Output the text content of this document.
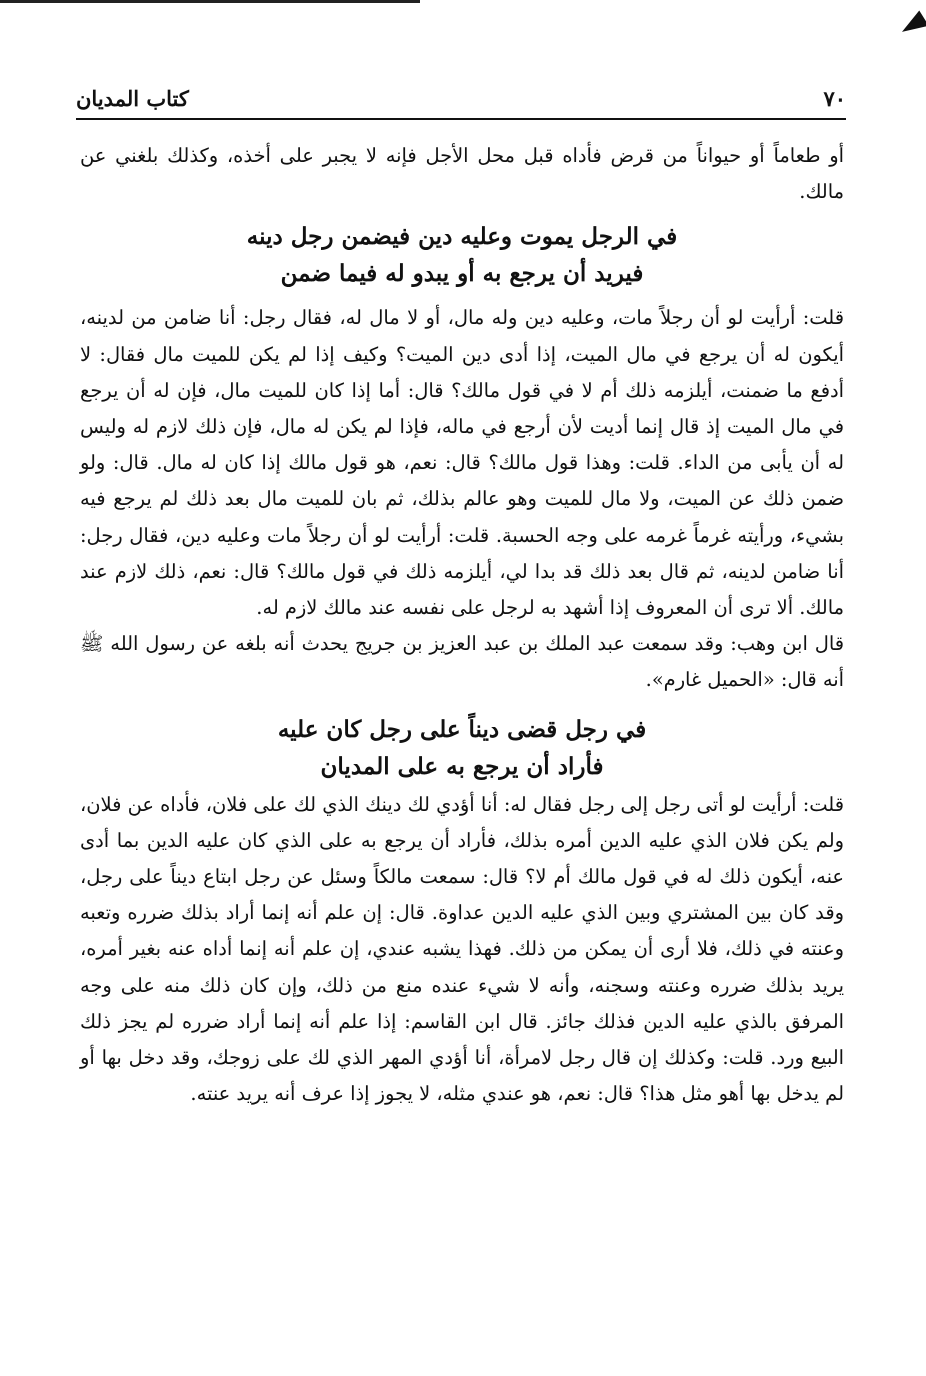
٧٠
كتاب المديان

أو طعاماً أو حيواناً من قرض فأداه قبل محل الأجل فإنه لا يجبر على أخذه، وكذلك بلغني عن مالك.

في الرجل يموت وعليه دين فيضمن رجل دينه
فيريد أن يرجع به أو يبدو له فيما ضمن

قلت: أرأيت لو أن رجلاً مات، وعليه دين وله مال، أو لا مال له، فقال رجل: أنا ضامن من لدينه، أيكون له أن يرجع في مال الميت، إذا أدى دين الميت؟ وكيف إذا لم يكن للميت مال فقال: لا أدفع ما ضمنت، أيلزمه ذلك أم لا في قول مالك؟ قال: أما إذا كان للميت مال، فإن له أن يرجع في مال الميت إذ قال إنما أديت لأن أرجع في ماله، فإذا لم يكن له مال، فإن ذلك لازم له وليس له أن يأبى من الداء. قلت: وهذا قول مالك؟ قال: نعم، هو قول مالك إذا كان له مال. قال: ولو ضمن ذلك عن الميت، ولا مال للميت وهو عالم بذلك، ثم بان للميت مال بعد ذلك لم يرجع فيه بشيء، ورأيته غرماً غرمه على وجه الحسبة. قلت: أرأيت لو أن رجلاً مات وعليه دين، فقال رجل: أنا ضامن لدينه، ثم قال بعد ذلك قد بدا لي، أيلزمه ذلك في قول مالك؟ قال: نعم، ذلك لازم عند مالك. ألا ترى أن المعروف إذا أشهد به لرجل على نفسه عند مالك لازم له.

قال ابن وهب: وقد سمعت عبد الملك بن عبد العزيز بن جريج يحدث أنه بلغه عن رسول الله ﷺ أنه قال: «الحميل غارم».

في رجل قضى ديناً على رجل كان عليه
فأراد أن يرجع به على المديان

قلت: أرأيت لو أتى رجل إلى رجل فقال له: أنا أؤدي لك دينك الذي لك على فلان، فأداه عن فلان، ولم يكن فلان الذي عليه الدين أمره بذلك، فأراد أن يرجع به على الذي كان عليه الدين بما أدى عنه، أيكون ذلك له في قول مالك أم لا؟ قال: سمعت مالكاً وسئل عن رجل ابتاع ديناً على رجل، وقد كان بين المشتري وبين الذي عليه الدين عداوة. قال: إن علم أنه إنما أراد بذلك ضرره وتعبه وعنته في ذلك، فلا أرى أن يمكن من ذلك. فهذا يشبه عندي، إن علم أنه إنما أداه عنه بغير أمره، يريد بذلك ضرره وعنته وسجنه، وأنه لا شيء عنده منع من ذلك، وإن كان ذلك منه على وجه المرفق بالذي عليه الدين فذلك جائز. قال ابن القاسم: إذا علم أنه إنما أراد ضرره لم يجز ذلك البيع ورد. قلت: وكذلك إن قال رجل لامرأة، أنا أؤدي المهر الذي لك على زوجك، وقد دخل بها أو لم يدخل بها أهو مثل هذا؟ قال: نعم، هو عندي مثله، لا يجوز إذا عرف أنه يريد عنته.
